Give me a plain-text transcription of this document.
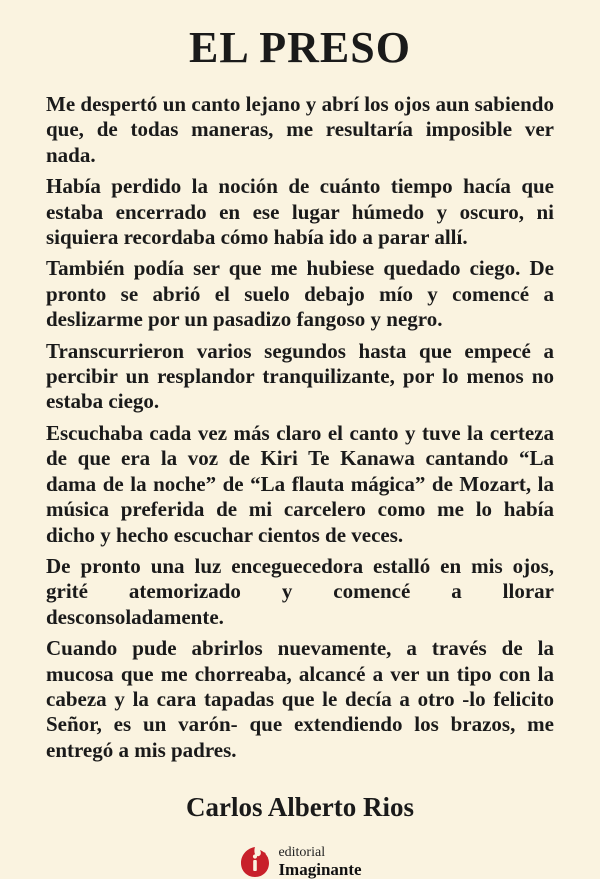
EL PRESO

Me despertó un canto lejano y abrí los ojos aun sabiendo que, de todas maneras, me resultaría imposible ver nada.

Había perdido la noción de cuánto tiempo hacía que estaba encerrado en ese lugar húmedo y oscuro, ni siquiera recordaba cómo había ido a parar allí.

También podía ser que me hubiese quedado ciego. De pronto se abrió el suelo debajo mío y comencé a deslizarme por un pasadizo fangoso y negro.

Transcurrieron varios segundos hasta que empecé a percibir un resplandor tranquilizante, por lo menos no estaba ciego.

Escuchaba cada vez más claro el canto y tuve la certeza de que era la voz de Kiri Te Kanawa cantando “La dama de la noche” de “La flauta mágica” de Mozart, la música preferida de mi carcelero como me lo había dicho y hecho escuchar cientos de veces.

De pronto una luz enceguecedora estalló en mis ojos, grité atemorizado y comencé a llorar desconsoladamente.

Cuando pude abrirlos nuevamente, a través de la mucosa que me chorreaba, alcancé a ver un tipo con la cabeza y la cara tapadas que le decía a otro -lo felicito Señor, es un varón- que extendiendo los brazos, me entregó a mis padres.

Carlos Alberto Rios
editorial
Imaginante
